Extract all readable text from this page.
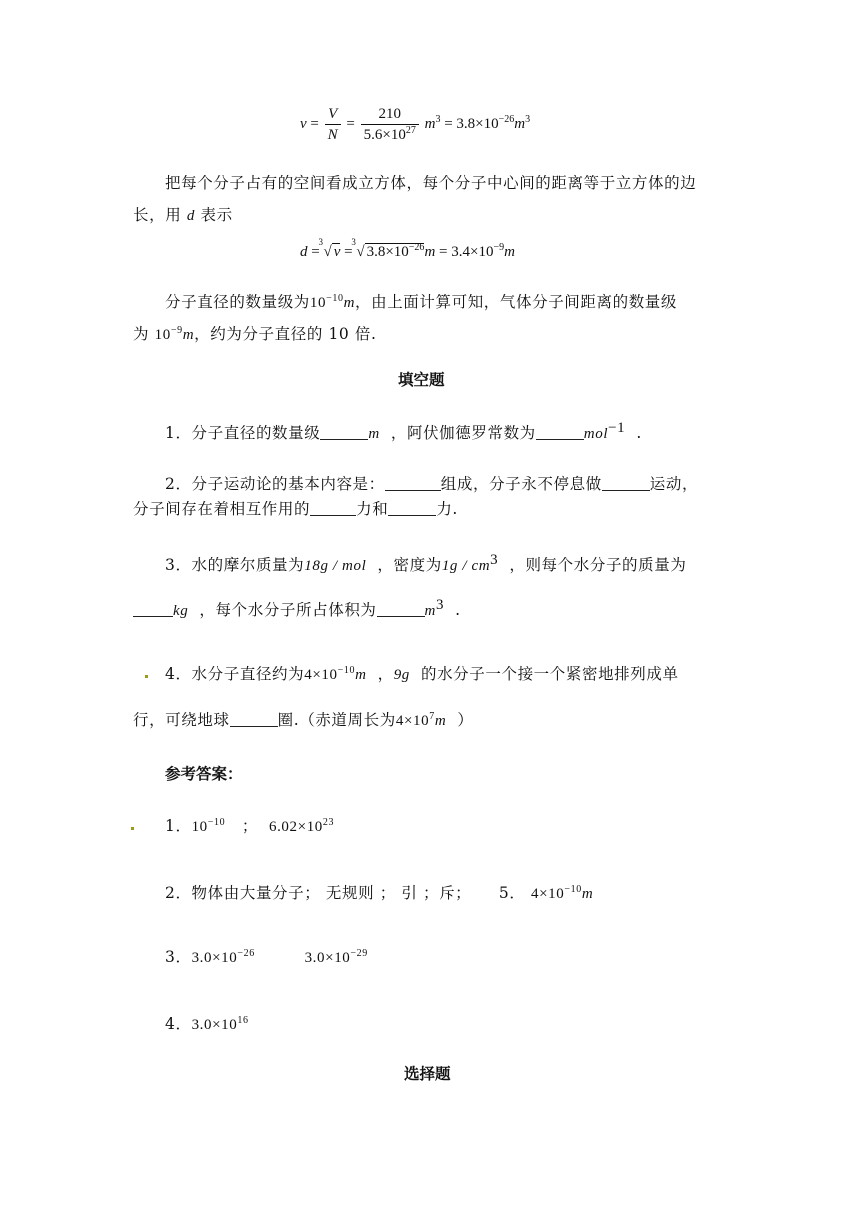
$\nu = \frac{V}{N} = \frac{210}{5.6\times 10^{27}} m^3 = 3.8\times 10^{-26}m^3$
把每个分子占有的空间看成立方体，每个分子中心间的距离等于立方体的边
长，用 d 表示
d =
3
√ ν =
3
√ $3.8\times 10^{-26}m = 3.4\times 10^{-9}m$
分子直径的数量级为$10^{-10}m$，由上面计算可知，气体分子间距离的数量级
为 $10^{-9}m$，约为分子直径的 10 倍.
填空题
1．分子直径的数量级	m ，阿伏伽德罗常数为	mol$^{-1}$ .
2．分子运动论的基本内容是：	组成，分子永不停息做	运动，
分子间存在着相互作用的	力和	力.
3．水的摩尔质量为18g / mol ，密度为$1g / cm^3$ ，则每个水分子的质量为
kg ，每个水分子所占体积为	$m^3$ .
4．水分子直径约为$4\times 10^{-10}m$ ，9g 的水分子一个接一个紧密地排列成单
行，可绕地球	圈.（赤道周长为$4\times 10^7m$ ）
参考答案：
1．$10^{-10}$ ； $6.02\times 10^{23}$
2．物体由大量分子； 无规则 ； 引 ；斥； 5． $4\times 10^{-10}m$
3．$3.0\times 10^{-26}$	$3.0\times 10^{-29}$
4．$3.0\times 10^{16}$
选择题
